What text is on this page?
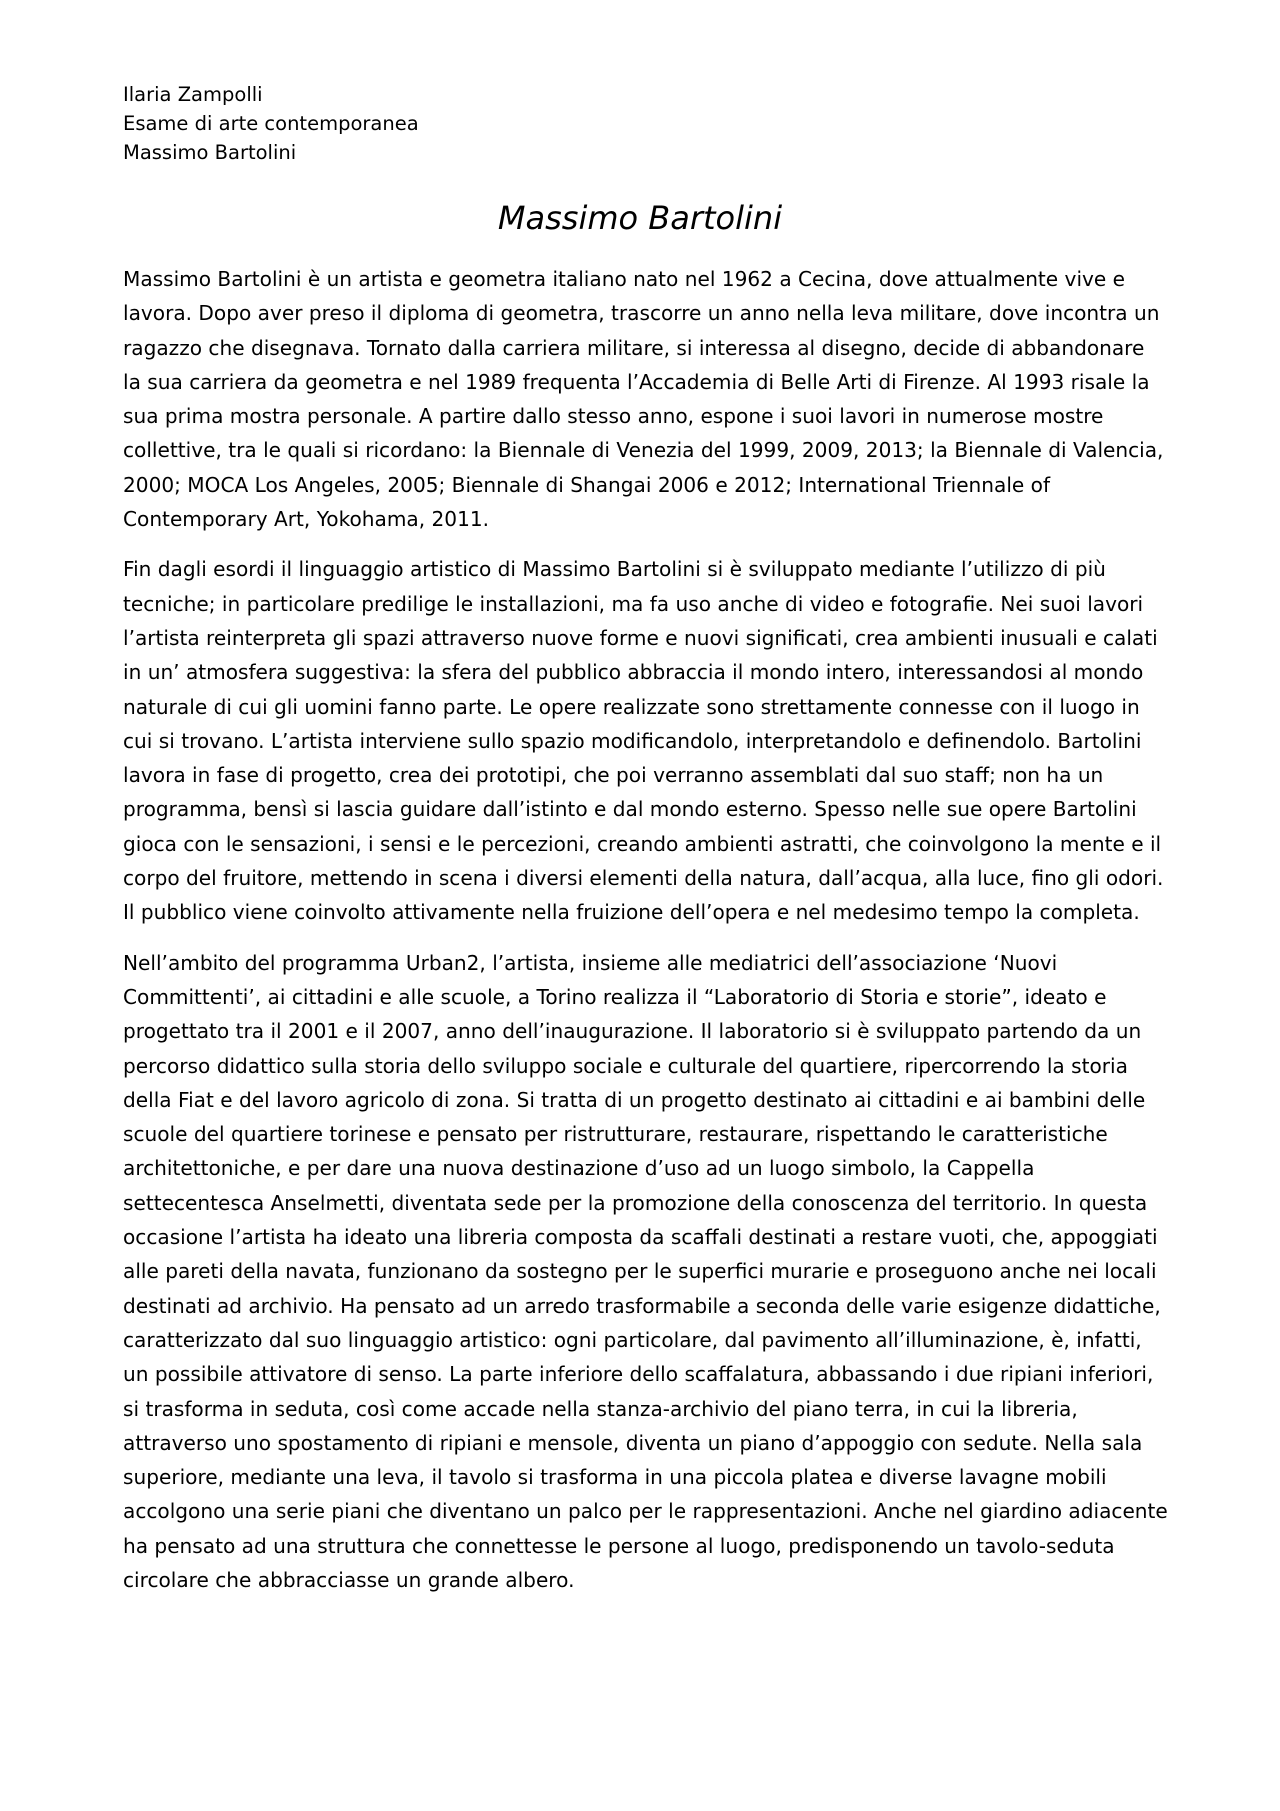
Ilaria Zampolli
Esame di arte contemporanea
Massimo Bartolini
Massimo Bartolini

Massimo Bartolini è un artista e geometra italiano nato nel 1962 a Cecina, dove attualmente vive e lavora. Dopo aver preso il diploma di geometra, trascorre un anno nella leva militare, dove incontra un ragazzo che disegnava. Tornato dalla carriera militare, si interessa al disegno, decide di abbandonare la sua carriera da geometra e nel 1989 frequenta l’Accademia di Belle Arti di Firenze. Al 1993 risale la sua prima mostra personale. A partire dallo stesso anno, espone i suoi lavori in numerose mostre collettive, tra le quali si ricordano: la Biennale di Venezia del 1999, 2009, 2013; la Biennale di Valencia, 2000; MOCA Los Angeles, 2005; Biennale di Shangai 2006 e 2012; International Triennale of Contemporary Art, Yokohama, 2011.

Fin dagli esordi il linguaggio artistico di Massimo Bartolini si è sviluppato mediante l’utilizzo di più tecniche; in particolare predilige le installazioni, ma fa uso anche di video e fotografie. Nei suoi lavori l’artista reinterpreta gli spazi attraverso nuove forme e nuovi significati, crea ambienti inusuali e calati in un’ atmosfera suggestiva: la sfera del pubblico abbraccia il mondo intero, interessandosi al mondo naturale di cui gli uomini fanno parte. Le opere realizzate sono strettamente connesse con il luogo in cui si trovano. L’artista interviene sullo spazio modificandolo, interpretandolo e definendolo. Bartolini lavora in fase di progetto, crea dei prototipi, che poi verranno assemblati dal suo staff; non ha un programma, bensì si lascia guidare dall’istinto e dal mondo esterno. Spesso nelle sue opere Bartolini gioca con le sensazioni, i sensi e le percezioni, creando ambienti astratti, che coinvolgono la mente e il corpo del fruitore, mettendo in scena i diversi elementi della natura, dall’acqua, alla luce, fino gli odori. Il pubblico viene coinvolto attivamente nella fruizione dell’opera e nel medesimo tempo la completa.

Nell’ambito del programma Urban2, l’artista, insieme alle mediatrici dell’associazione ‘Nuovi Committenti’, ai cittadini e alle scuole, a Torino realizza il “Laboratorio di Storia e storie”, ideato e progettato tra il 2001 e il 2007, anno dell’inaugurazione. Il laboratorio si è sviluppato partendo da un percorso didattico sulla storia dello sviluppo sociale e culturale del quartiere, ripercorrendo la storia della Fiat e del lavoro agricolo di zona. Si tratta di un progetto destinato ai cittadini e ai bambini delle scuole del quartiere torinese e pensato per ristrutturare, restaurare, rispettando le caratteristiche architettoniche, e per dare una nuova destinazione d’uso ad un luogo simbolo, la Cappella settecentesca Anselmetti, diventata sede per la promozione della conoscenza del territorio. In questa occasione l’artista ha ideato una libreria composta da scaffali destinati a restare vuoti, che, appoggiati alle pareti della navata, funzionano da sostegno per le superfici murarie e proseguono anche nei locali destinati ad archivio. Ha pensato ad un arredo trasformabile a seconda delle varie esigenze didattiche, caratterizzato dal suo linguaggio artistico: ogni particolare, dal pavimento all’illuminazione, è, infatti, un possibile attivatore di senso. La parte inferiore dello scaffalatura, abbassando i due ripiani inferiori, si trasforma in seduta, così come accade nella stanza-archivio del piano terra, in cui la libreria, attraverso uno spostamento di ripiani e mensole, diventa un piano d’appoggio con sedute. Nella sala superiore, mediante una leva, il tavolo si trasforma in una piccola platea e diverse lavagne mobili accolgono una serie piani che diventano un palco per le rappresentazioni. Anche nel giardino adiacente ha pensato ad una struttura che connettesse le persone al luogo, predisponendo un tavolo-seduta circolare che abbracciasse un grande albero.
